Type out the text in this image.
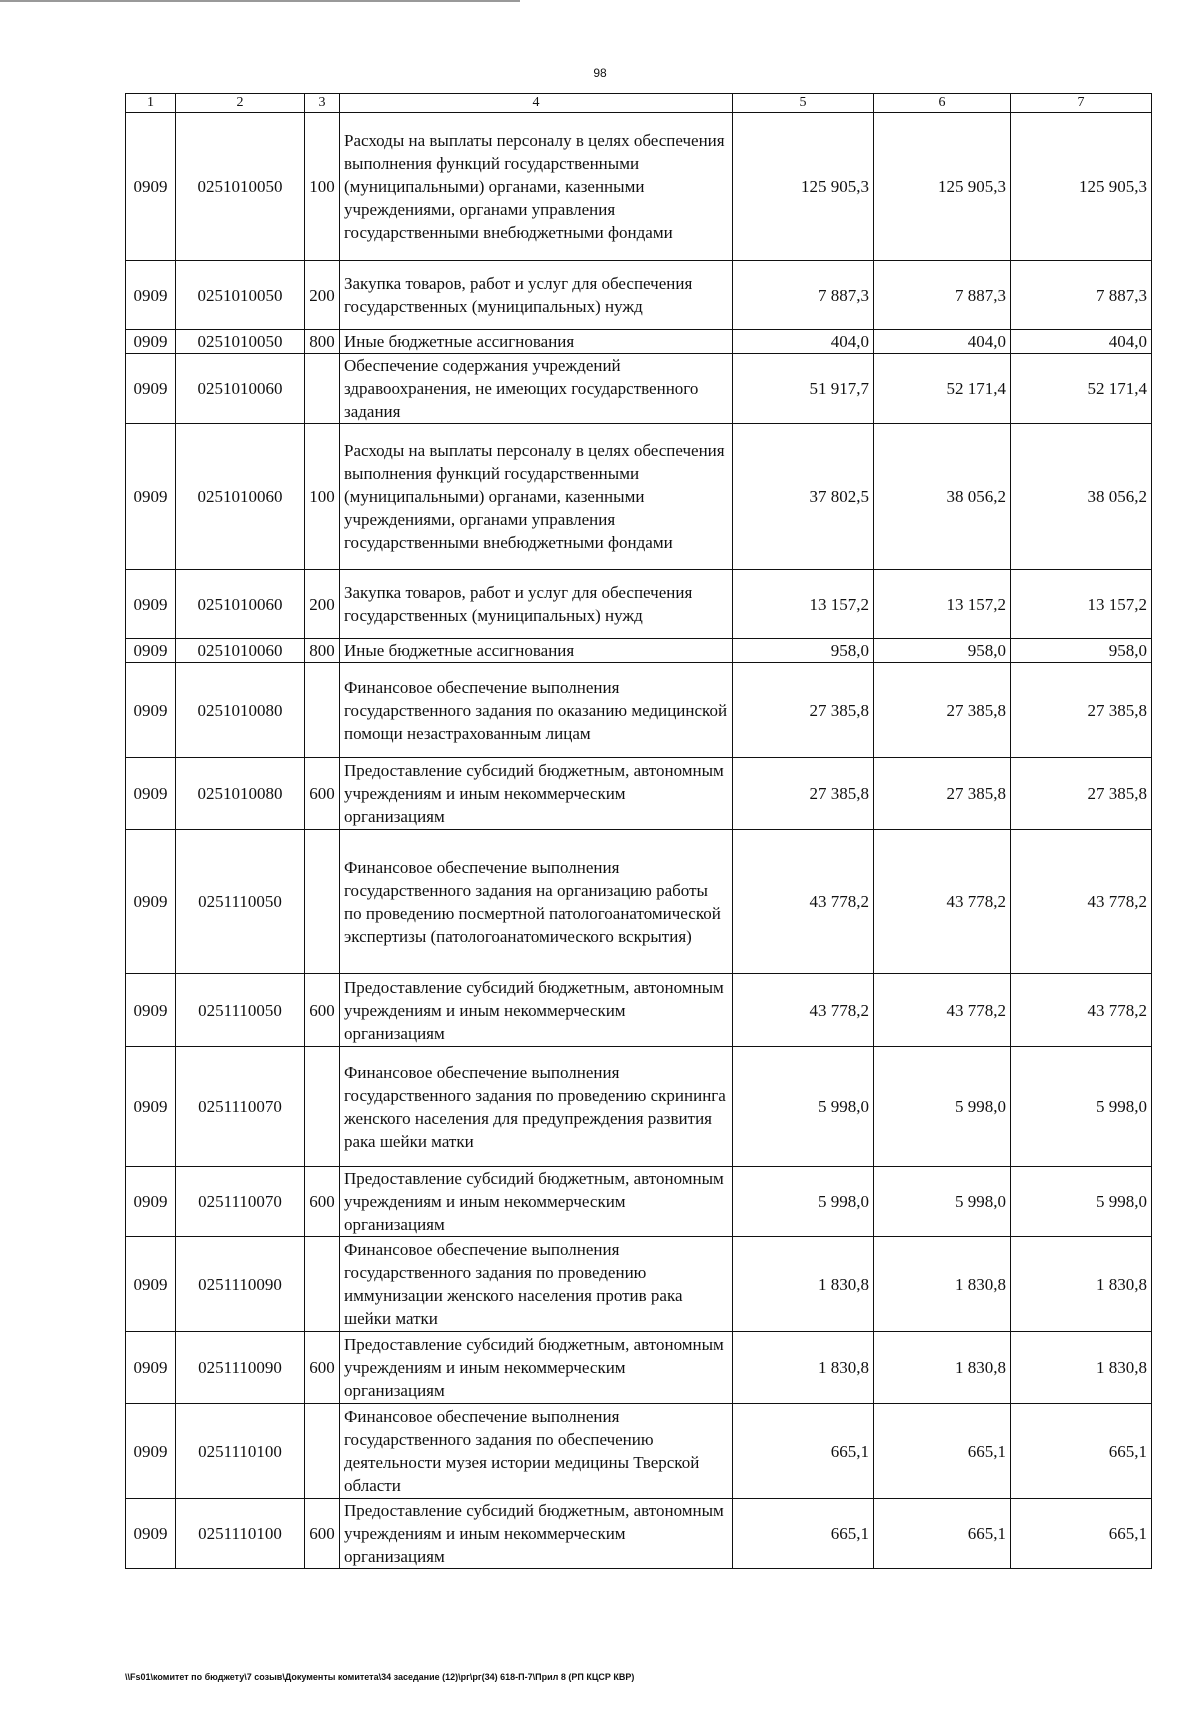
98
1	2	3	4	5	6	7
0909	0251010050	100	Расходы на выплаты персоналу в целях обеспечения выполнения функций государственными (муниципальными) органами, казенными учреждениями, органами управления государственными внебюджетными фондами	125 905,3	125 905,3	125 905,3
0909	0251010050	200	Закупка товаров, работ и услуг для обеспечения государственных (муниципальных) нужд	7 887,3	7 887,3	7 887,3
0909	0251010050	800	Иные бюджетные ассигнования	404,0	404,0	404,0
0909	0251010060		Обеспечение содержания учреждений здравоохранения, не имеющих государственного задания	51 917,7	52 171,4	52 171,4
0909	0251010060	100	Расходы на выплаты персоналу в целях обеспечения выполнения функций государственными (муниципальными) органами, казенными учреждениями, органами управления государственными внебюджетными фондами	37 802,5	38 056,2	38 056,2
0909	0251010060	200	Закупка товаров, работ и услуг для обеспечения государственных (муниципальных) нужд	13 157,2	13 157,2	13 157,2
0909	0251010060	800	Иные бюджетные ассигнования	958,0	958,0	958,0
0909	0251010080		Финансовое обеспечение выполнения государственного задания по оказанию медицинской помощи незастрахованным лицам	27 385,8	27 385,8	27 385,8
0909	0251010080	600	Предоставление субсидий бюджетным, автономным учреждениям и иным некоммерческим организациям	27 385,8	27 385,8	27 385,8
0909	0251110050		Финансовое обеспечение выполнения государственного задания на организацию работы по проведению посмертной патологоанатомической экспертизы (патологоанатомического вскрытия)	43 778,2	43 778,2	43 778,2
0909	0251110050	600	Предоставление субсидий бюджетным, автономным учреждениям и иным некоммерческим организациям	43 778,2	43 778,2	43 778,2
0909	0251110070		Финансовое обеспечение выполнения государственного задания по проведению скрининга женского населения для предупреждения развития рака шейки матки	5 998,0	5 998,0	5 998,0
0909	0251110070	600	Предоставление субсидий бюджетным, автономным учреждениям и иным некоммерческим организациям	5 998,0	5 998,0	5 998,0
0909	0251110090		Финансовое обеспечение выполнения государственного задания по проведению иммунизации женского населения против рака шейки матки	1 830,8	1 830,8	1 830,8
0909	0251110090	600	Предоставление субсидий бюджетным, автономным учреждениям и иным некоммерческим организациям	1 830,8	1 830,8	1 830,8
0909	0251110100		Финансовое обеспечение выполнения государственного задания по обеспечению деятельности музея истории медицины Тверской области	665,1	665,1	665,1
0909	0251110100	600	Предоставление субсидий бюджетным, автономным учреждениям и иным некоммерческим организациям	665,1	665,1	665,1
\\Fs01\комитет по бюджету\7 созыв\Документы комитета\34 заседание (12)\рг\рг(34) 618-П-7\Прил 8 (РП КЦСР КВР)
